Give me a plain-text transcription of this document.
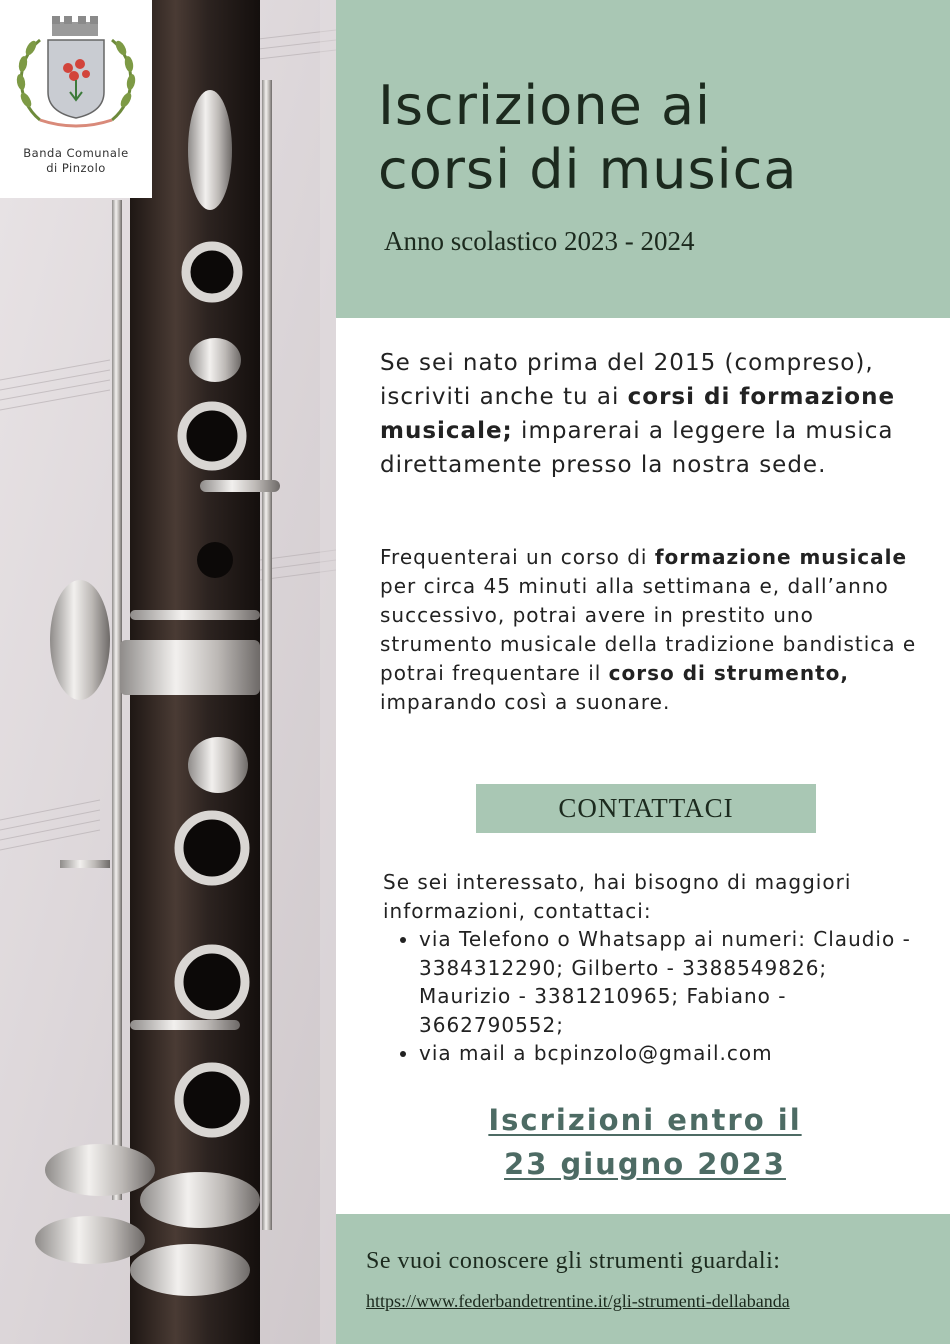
Banda Comunale
di Pinzolo
Iscrizione ai
corsi di musica
Anno scolastico 2023 - 2024
Se sei nato prima del 2015 (compreso), iscriviti anche tu ai corsi di formazione musicale; imparerai a leggere la musica direttamente presso la nostra sede.
Frequenterai un corso di formazione musicale per circa 45 minuti alla settimana e, dall’anno successivo, potrai avere in prestito uno strumento musicale della tradizione bandistica e potrai frequentare il corso di strumento, imparando così a suonare.
CONTATTACI
Se sei interessato, hai bisogno di maggiori informazioni, contattaci:
• via Telefono o Whatsapp ai numeri: Claudio - 3384312290; Gilberto - 3388549826; Maurizio - 3381210965; Fabiano - 3662790552;
• via mail a bcpinzolo@gmail.com
Iscrizioni entro il
23 giugno 2023
Se vuoi conoscere gli strumenti guardali:
https://www.federbandetrentine.it/gli-strumenti-dellabanda
